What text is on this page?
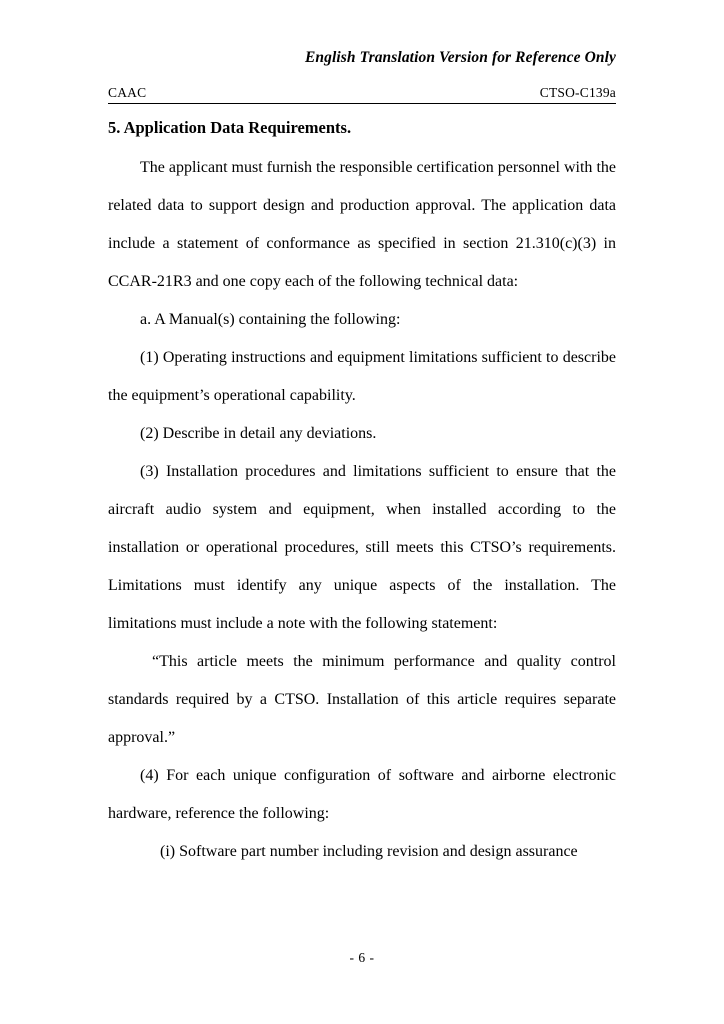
English Translation Version for Reference Only
CAAC	CTSO-C139a
5. Application Data Requirements.

The applicant must furnish the responsible certification personnel with the related data to support design and production approval. The application data include a statement of conformance as specified in section 21.310(c)(3) in CCAR-21R3 and one copy each of the following technical data:

a. A Manual(s) containing the following:

(1) Operating instructions and equipment limitations sufficient to describe the equipment’s operational capability.

(2) Describe in detail any deviations.

(3) Installation procedures and limitations sufficient to ensure that the aircraft audio system and equipment, when installed according to the installation or operational procedures, still meets this CTSO’s requirements. Limitations must identify any unique aspects of the installation. The limitations must include a note with the following statement:

“This article meets the minimum performance and quality control standards required by a CTSO. Installation of this article requires separate approval.”

(4) For each unique configuration of software and airborne electronic hardware, reference the following:

(i) Software part number including revision and design assurance

- 6 -
